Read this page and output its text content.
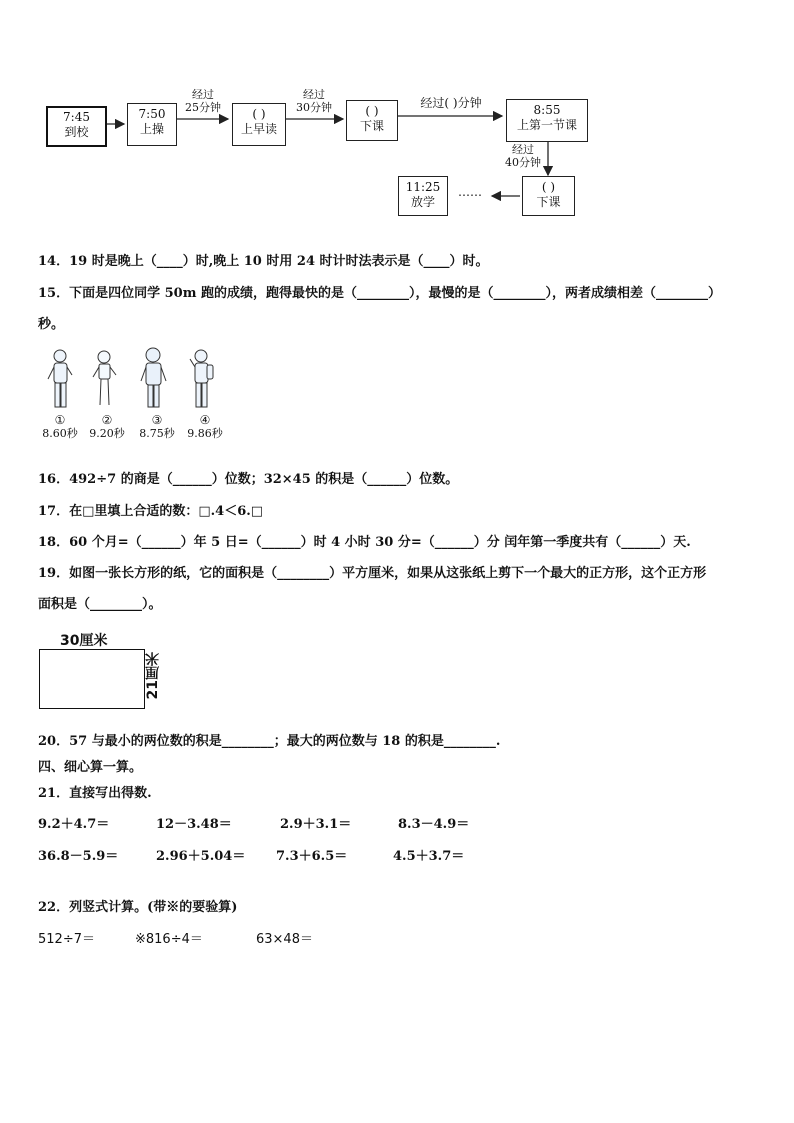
7:45
到校
7:50
上操
( )
上早读
( )
下课
8:55
上第一节课
( )
下课
11:25
放学
经过
25分钟
经过
30分钟	经过( )分钟
经过
40分钟
……
14．19 时是晚上（____）时,晚上 10 时用 24 时计时法表示是（____）时。
15．下面是四位同学 50m 跑的成绩，跑得最快的是（________），最慢的是（________），两者成绩相差（________）
秒。
①
8.60秒
②
9.20秒
③
8.75秒
④
9.86秒
16．492÷7 的商是（______）位数；32×45 的积是（______）位数。
17．在□里填上合适的数：□.4＜6.□
18．60 个月=（______）年 5 日=（______）时 4 小时 30 分=（______）分 闰年第一季度共有（______）天.
19．如图一张长方形的纸，它的面积是（________）平方厘米，如果从这张纸上剪下一个最大的正方形，这个正方形
面积是（________）。
30厘米
21厘米
20．57 与最小的两位数的积是________；最大的两位数与 18 的积是________.
四、细心算一算。
21．直接写出得数.
9.2＋4.7＝	12－3.48＝	2.9＋3.1＝	8.3－4.9＝
36.8－5.9＝	2.96＋5.04＝ 7.3＋6.5＝	4.5＋3.7＝
22．列竖式计算。(带※的要验算)
512÷7＝	※816÷4＝	63×48＝
